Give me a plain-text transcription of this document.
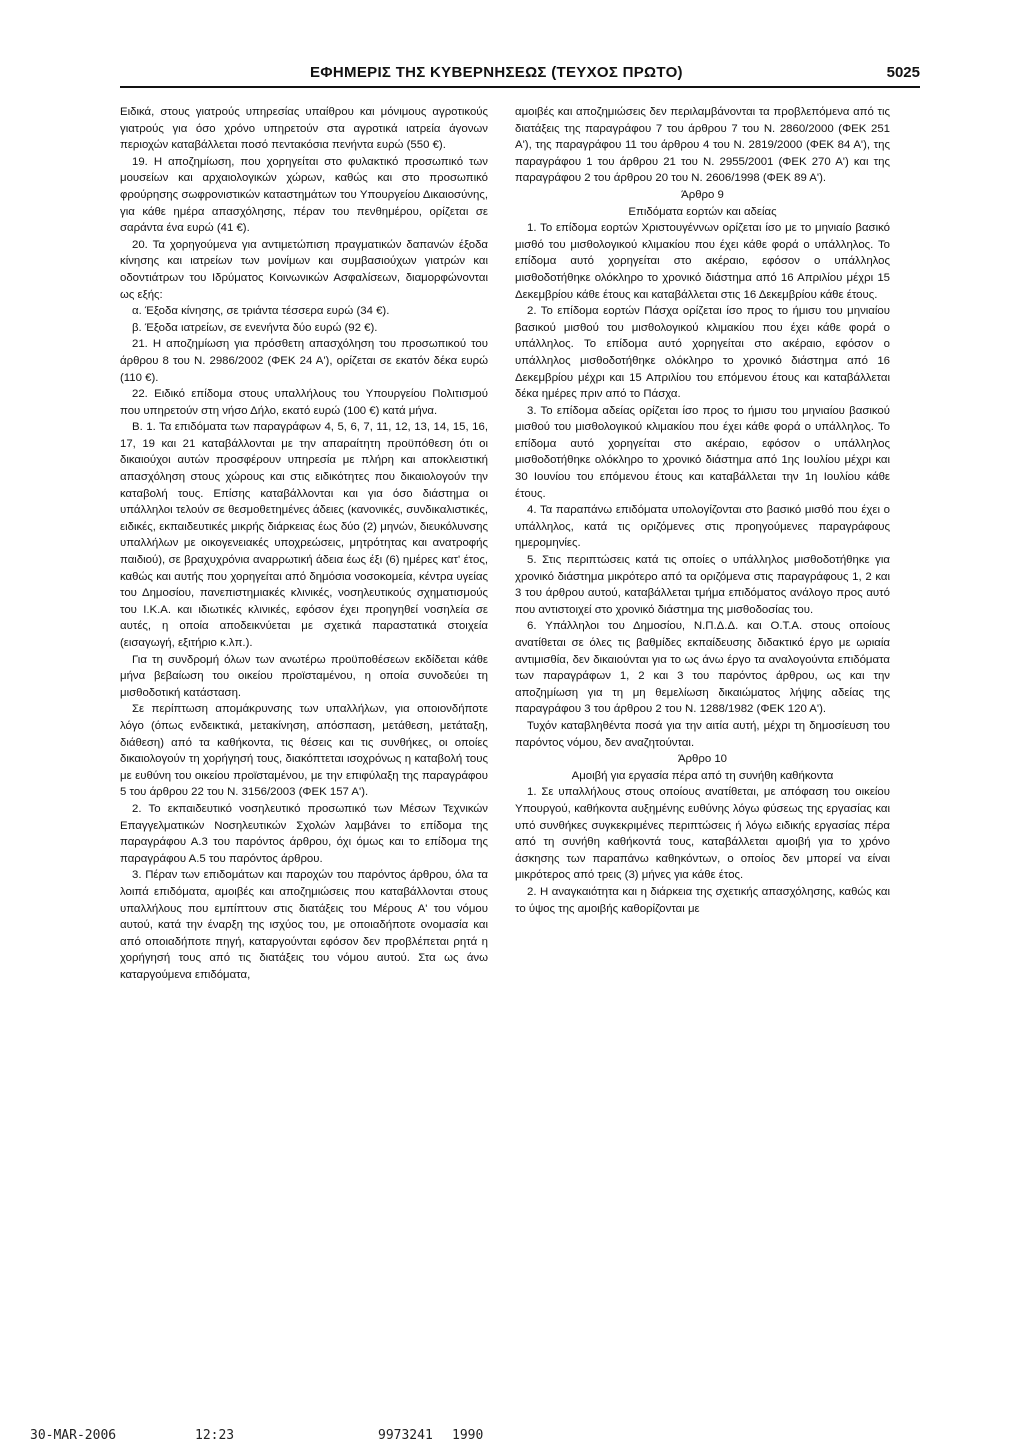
ΕΦΗΜΕΡΙΣ ΤΗΣ ΚΥΒΕΡΝΗΣΕΩΣ (ΤΕΥΧΟΣ ΠΡΩΤΟ)	5025

Ειδικά, στους γιατρούς υπηρεσίας υπαίθρου και μόνιμους αγροτικούς γιατρούς για όσο χρόνο υπηρετούν στα αγροτικά ιατρεία άγονων περιοχών καταβάλλεται ποσό πεντακόσια πενήντα ευρώ (550 €).

19. Η αποζημίωση, που χορηγείται στο φυλακτικό προσωπικό των μουσείων και αρχαιολογικών χώρων, καθώς και στο προσωπικό φρούρησης σωφρονιστικών καταστημάτων του Υπουργείου Δικαιοσύνης, για κάθε ημέρα απασχόλησης, πέραν του πενθημέρου, ορίζεται σε σαράντα ένα ευρώ (41 €).

20. Τα χορηγούμενα για αντιμετώπιση πραγματικών δαπανών έξοδα κίνησης και ιατρείων των μονίμων και συμβασιούχων γιατρών και οδοντιάτρων του Ιδρύματος Κοινωνικών Ασφαλίσεων, διαμορφώνονται ως εξής:

α. Έξοδα κίνησης, σε τριάντα τέσσερα ευρώ (34 €).

β. Έξοδα ιατρείων, σε ενενήντα δύο ευρώ (92 €).

21. Η αποζημίωση για πρόσθετη απασχόληση του προσωπικού του άρθρου 8 του Ν. 2986/2002 (ΦΕΚ 24 Α'), ορίζεται σε εκατόν δέκα ευρώ (110 €).

22. Ειδικό επίδομα στους υπαλλήλους του Υπουργείου Πολιτισμού που υπηρετούν στη νήσο Δήλο, εκατό ευρώ (100 €) κατά μήνα.

Β. 1. Τα επιδόματα των παραγράφων 4, 5, 6, 7, 11, 12, 13, 14, 15, 16, 17, 19 και 21 καταβάλλονται με την απαραίτητη προϋπόθεση ότι οι δικαιούχοι αυτών προσφέρουν υπηρεσία με πλήρη και αποκλειστική απασχόληση στους χώρους και στις ειδικότητες που δικαιολογούν την καταβολή τους. Επίσης καταβάλλονται και για όσο διάστημα οι υπάλληλοι τελούν σε θεσμοθετημένες άδειες (κανονικές, συνδικαλιστικές, ειδικές, εκπαιδευτικές μικρής διάρκειας έως δύο (2) μηνών, διευκόλυνσης υπαλλήλων με οικογενειακές υποχρεώσεις, μητρότητας και ανατροφής παιδιού), σε βραχυχρόνια αναρρωτική άδεια έως έξι (6) ημέρες κατ' έτος, καθώς και αυτής που χορηγείται από δημόσια νοσοκομεία, κέντρα υγείας του Δημοσίου, πανεπιστημιακές κλινικές, νοσηλευτικούς σχηματισμούς του Ι.Κ.Α. και ιδιωτικές κλινικές, εφόσον έχει προηγηθεί νοσηλεία σε αυτές, η οποία αποδεικνύεται με σχετικά παραστατικά στοιχεία (εισαγωγή, εξιτήριο κ.λπ.).

Για τη συνδρομή όλων των ανωτέρω προϋποθέσεων εκδίδεται κάθε μήνα βεβαίωση του οικείου προϊσταμένου, η οποία συνοδεύει τη μισθοδοτική κατάσταση.

Σε περίπτωση απομάκρυνσης των υπαλλήλων, για οποιονδήποτε λόγο (όπως ενδεικτικά, μετακίνηση, απόσπαση, μετάθεση, μετάταξη, διάθεση) από τα καθήκοντα, τις θέσεις και τις συνθήκες, οι οποίες δικαιολογούν τη χορήγησή τους, διακόπτεται ισοχρόνως η καταβολή τους με ευθύνη του οικείου προϊσταμένου, με την επιφύλαξη της παραγράφου 5 του άρθρου 22 του Ν. 3156/2003 (ΦΕΚ 157 Α').

2. Το εκπαιδευτικό νοσηλευτικό προσωπικό των Μέσων Τεχνικών Επαγγελματικών Νοσηλευτικών Σχολών λαμβάνει το επίδομα της παραγράφου Α.3 του παρόντος άρθρου, όχι όμως και το επίδομα της παραγράφου Α.5 του παρόντος άρθρου.

3. Πέραν των επιδομάτων και παροχών του παρόντος άρθρου, όλα τα λοιπά επιδόματα, αμοιβές και αποζημιώσεις που καταβάλλονται στους υπαλλήλους που εμπίπτουν στις διατάξεις του Μέρους Α' του νόμου αυτού, κατά την έναρξη της ισχύος του, με οποιαδήποτε ονομασία και από οποιαδήποτε πηγή, καταργούνται εφόσον δεν προβλέπεται ρητά η χορήγησή τους από τις διατάξεις του νόμου αυτού. Στα ως άνω καταργούμενα επιδόματα,

αμοιβές και αποζημιώσεις δεν περιλαμβάνονται τα προβλεπόμενα από τις διατάξεις της παραγράφου 7 του άρθρου 7 του Ν. 2860/2000 (ΦΕΚ 251 Α'), της παραγράφου 11 του άρθρου 4 του Ν. 2819/2000 (ΦΕΚ 84 Α'), της παραγράφου 1 του άρθρου 21 του Ν. 2955/2001 (ΦΕΚ 270 Α') και της παραγράφου 2 του άρθρου 20 του Ν. 2606/1998 (ΦΕΚ 89 Α').

Άρθρο 9

Επιδόματα εορτών και αδείας

1. Το επίδομα εορτών Χριστουγέννων ορίζεται ίσο με το μηνιαίο βασικό μισθό του μισθολογικού κλιμακίου που έχει κάθε φορά ο υπάλληλος. Το επίδομα αυτό χορηγείται στο ακέραιο, εφόσον ο υπάλληλος μισθοδοτήθηκε ολόκληρο το χρονικό διάστημα από 16 Απριλίου μέχρι 15 Δεκεμβρίου κάθε έτους και καταβάλλεται στις 16 Δεκεμβρίου κάθε έτους.

2. Το επίδομα εορτών Πάσχα ορίζεται ίσο προς το ήμισυ του μηνιαίου βασικού μισθού του μισθολογικού κλιμακίου που έχει κάθε φορά ο υπάλληλος. Το επίδομα αυτό χορηγείται στο ακέραιο, εφόσον ο υπάλληλος μισθοδοτήθηκε ολόκληρο το χρονικό διάστημα από 16 Δεκεμβρίου μέχρι και 15 Απριλίου του επόμενου έτους και καταβάλλεται δέκα ημέρες πριν από το Πάσχα.

3. Το επίδομα αδείας ορίζεται ίσο προς το ήμισυ του μηνιαίου βασικού μισθού του μισθολογικού κλιμακίου που έχει κάθε φορά ο υπάλληλος. Το επίδομα αυτό χορηγείται στο ακέραιο, εφόσον ο υπάλληλος μισθοδοτήθηκε ολόκληρο το χρονικό διάστημα από 1ης Ιουλίου μέχρι και 30 Ιουνίου του επόμενου έτους και καταβάλλεται την 1η Ιουλίου κάθε έτους.

4. Τα παραπάνω επιδόματα υπολογίζονται στο βασικό μισθό που έχει ο υπάλληλος, κατά τις οριζόμενες στις προηγούμενες παραγράφους ημερομηνίες.

5. Στις περιπτώσεις κατά τις οποίες ο υπάλληλος μισθοδοτήθηκε για χρονικό διάστημα μικρότερο από τα οριζόμενα στις παραγράφους 1, 2 και 3 του άρθρου αυτού, καταβάλλεται τμήμα επιδόματος ανάλογο προς αυτό που αντιστοιχεί στο χρονικό διάστημα της μισθοδοσίας του.

6. Υπάλληλοι του Δημοσίου, Ν.Π.Δ.Δ. και Ο.Τ.Α. στους οποίους ανατίθεται σε όλες τις βαθμίδες εκπαίδευσης διδακτικό έργο με ωριαία αντιμισθία, δεν δικαιούνται για το ως άνω έργο τα αναλογούντα επιδόματα των παραγράφων 1, 2 και 3 του παρόντος άρθρου, ως και την αποζημίωση για τη μη θεμελίωση δικαιώματος λήψης αδείας της παραγράφου 3 του άρθρου 2 του Ν. 1288/1982 (ΦΕΚ 120 Α').

Τυχόν καταβληθέντα ποσά για την αιτία αυτή, μέχρι τη δημοσίευση του παρόντος νόμου, δεν αναζητούνται.

Άρθρο 10

Αμοιβή για εργασία πέρα από τη συνήθη καθήκοντα

1. Σε υπαλλήλους στους οποίους ανατίθεται, με απόφαση του οικείου Υπουργού, καθήκοντα αυξημένης ευθύνης λόγω φύσεως της εργασίας και υπό συνθήκες συγκεκριμένες περιπτώσεις ή λόγω ειδικής εργασίας πέρα από τη συνήθη καθήκοντά τους, καταβάλλεται αμοιβή για το χρόνο άσκησης των παραπάνω καθηκόντων, ο οποίος δεν μπορεί να είναι μικρότερος από τρεις (3) μήνες για κάθε έτος.

2. Η αναγκαιότητα και η διάρκεια της σχετικής απασχόλησης, καθώς και το ύψος της αμοιβής καθορίζονται με

30-MAR-2006	12:23	9973241 1990
